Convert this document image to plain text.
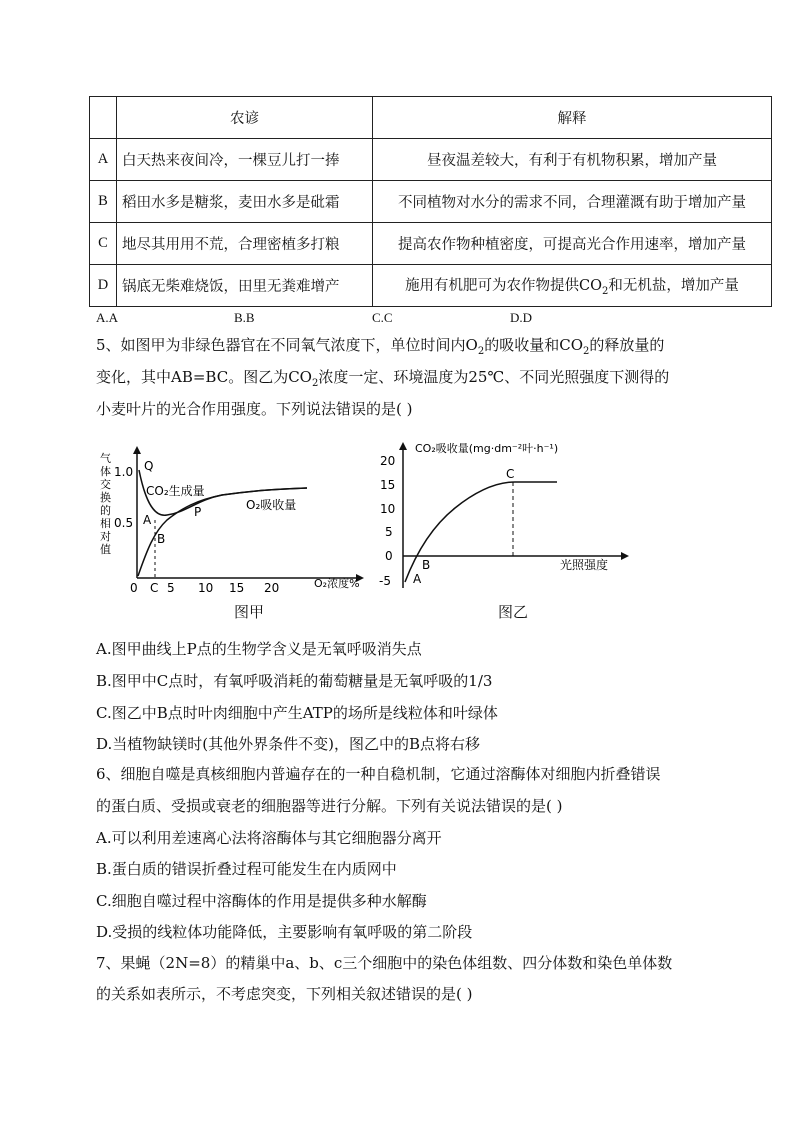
	农谚	解释
A	白天热来夜间冷，一棵豆儿打一捧	昼夜温差较大，有利于有机物积累，增加产量
B	稻田水多是糖浆，麦田水多是砒霜	不同植物对水分的需求不同，合理灌溉有助于增加产量
C	地尽其用用不荒，合理密植多打粮	提高农作物种植密度，可提高光合作用速率，增加产量
D	锅底无柴难烧饭，田里无粪难增产	施用有机肥可为农作物提供$CO_2$和无机盐，增加产量
A.A	B.B	C.C	D.D
5、如图甲为非绿色器官在不同氧气浓度下，单位时间内$O_2$的吸收量和$CO_2$的释放量的
变化，其中AB=BC。图乙为$CO_2$浓度一定、环境温度为25℃、不同光照强度下测得的
小麦叶片的光合作用强度。下列说法错误的是( )
气
体
交
换
的
相
对
值
1.0
0.5
0 C 5 10 15 20	O₂浓度%
Q
A
B
P
CO₂生成量
O₂吸收量
图甲
20
15
10
5
0
-5
CO₂吸收量(mg·dm⁻²叶·h⁻¹)
A
B
C
光照强度
图乙
A.图甲曲线上P点的生物学含义是无氧呼吸消失点
B.图甲中C点时，有氧呼吸消耗的葡萄糖量是无氧呼吸的1/3
C.图乙中B点时叶肉细胞中产生ATP的场所是线粒体和叶绿体
D.当植物缺镁时(其他外界条件不变)，图乙中的B点将右移
6、细胞自噬是真核细胞内普遍存在的一种自稳机制，它通过溶酶体对细胞内折叠错误
的蛋白质、受损或衰老的细胞器等进行分解。下列有关说法错误的是( )
A.可以利用差速离心法将溶酶体与其它细胞器分离开
B.蛋白质的错误折叠过程可能发生在内质网中
C.细胞自噬过程中溶酶体的作用是提供多种水解酶
D.受损的线粒体功能降低，主要影响有氧呼吸的第二阶段
7、果蝇（2N=8）的精巢中a、b、c三个细胞中的染色体组数、四分体数和染色单体数
的关系如表所示，不考虑突变，下列相关叙述错误的是( )
